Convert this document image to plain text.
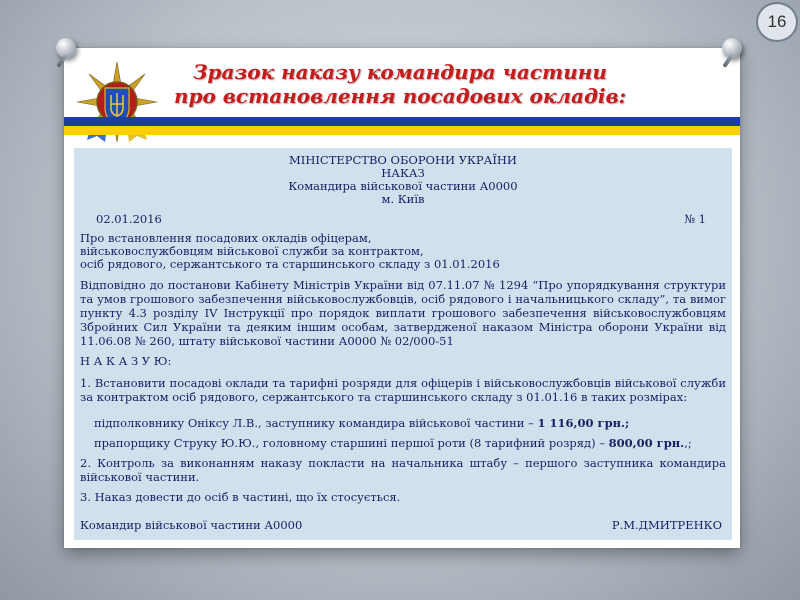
16
Зразок наказу командира частини
про встановлення посадових окладів:
МІНІСТЕРСТВО ОБОРОНИ УКРАЇНИ
НАКАЗ
Командира військової частини А0000
м. Київ
02.01.2016	№ 1
Про встановлення посадових окладів офіцерам,
військовослужбовцям військової служби за контрактом,
осіб рядового, сержантського та старшинського складу з 01.01.2016
Відповідно до постанови Кабінету Міністрів України від 07.11.07 № 1294 “Про упорядкування структури та умов грошового забезпечення військовослужбовців, осіб рядового і начальницького складу”, та вимог пункту 4.3 розділу IV Інструкції про порядок виплати грошового забезпечення військовослужбовцям Збройних Сил України та деяким іншим особам, затвердженої наказом Міністра оборони України від 11.06.08 № 260, штату військової частини А0000 № 02/000-51
Н А К А З У Ю:
1. Встановити посадові оклади та тарифні розряди для офіцерів і військовослужбовців військової служби за контрактом осіб рядового, сержантського та старшинського складу з 01.01.16 в таких розмірах:
підполковнику Оніксу Л.В., заступнику командира військової частини – 1 116,00 грн.;
прапорщику Струку Ю.Ю., головному старшині першої роти (8 тарифний розряд) – 800,00 грн.,;
2. Контроль за виконанням наказу покласти на начальника штабу – першого заступника командира військової частини.
3. Наказ довести до осіб в частині, що їх стосується.
Командир військової частини А0000	Р.М.ДМИТРЕНКО
